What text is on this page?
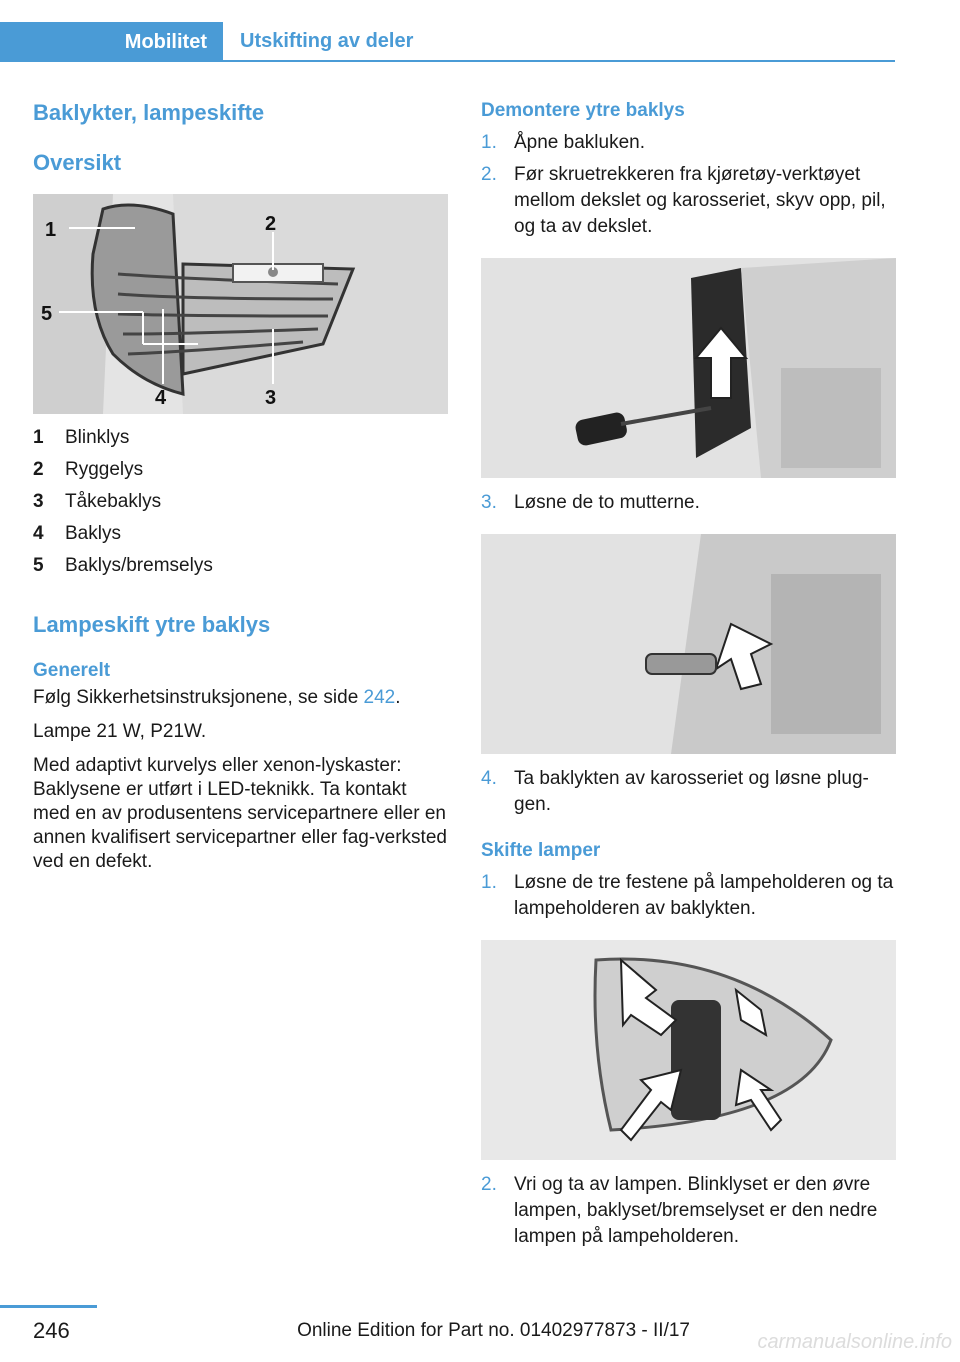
Mobilitet Utskifting av deler
Baklykter, lampeskifte
Oversikt
1	2
3
4
5
1	Blinklys
2	Ryggelys
3	Tåkebaklys
4	Baklys
5	Baklys/bremselys
Lampeskift ytre baklys
Generelt

Følg Sikkerhetsinstruksjonene, se side 242.

Lampe 21 W, P21W.

Med adaptivt kurvelys eller xenon-lyskaster: Baklysene er utført i LED-teknikk. Ta kontakt med en av produsentens servicepartnere eller en annen kvalifisert servicepartner eller fag-verksted ved en defekt.

Demontere ytre baklys
1. Åpne bakluken.
2. Før skruetrekkeren fra kjøretøy-verktøyet mellom dekslet og karosseriet, skyv opp, pil, og ta av dekslet.
3. Løsne de to mutterne.
4. Ta baklykten av karosseriet og løsne plug-gen.
Skifte lamper
1. Løsne de tre festene på lampeholderen og ta lampeholderen av baklykten.
2. Vri og ta av lampen. Blinklyset er den øvre lampen, baklyset/bremselyset er den nedre lampen på lampeholderen.
246	Online Edition for Part no. 01402977873 - II/17
carmanualsonline.info
